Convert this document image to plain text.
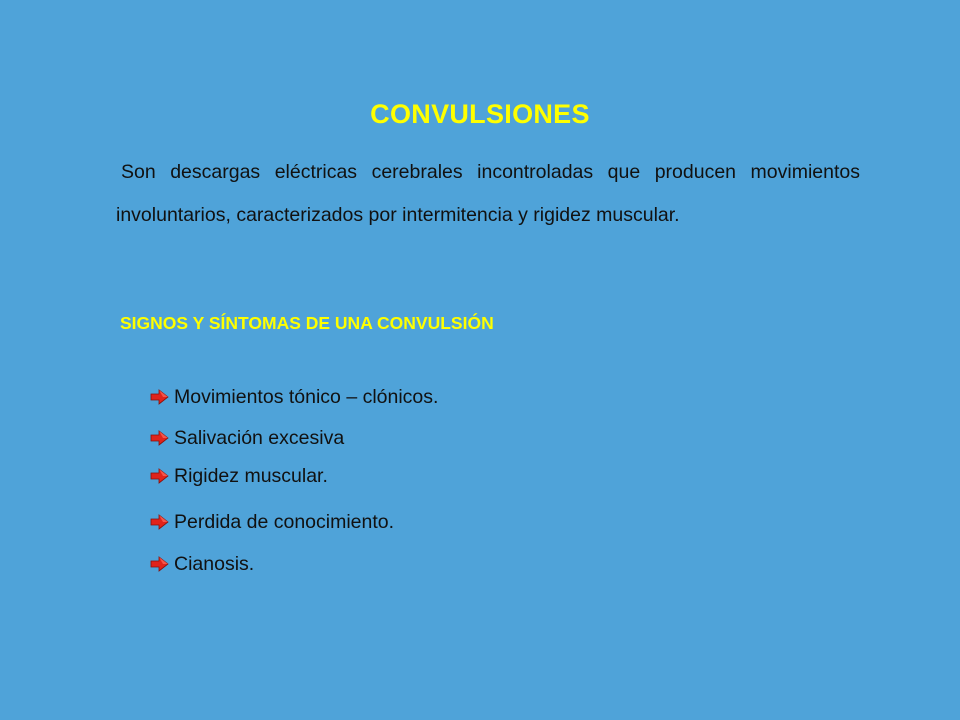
CONVULSIONES

Son descargas eléctricas cerebrales incontroladas que producen movimientos involuntarios, caracterizados por intermitencia y rigidez muscular.

SIGNOS Y SÍNTOMAS DE UNA CONVULSIÓN
Movimientos tónico – clónicos.
Salivación excesiva
Rigidez muscular.
Perdida de conocimiento.
Cianosis.
